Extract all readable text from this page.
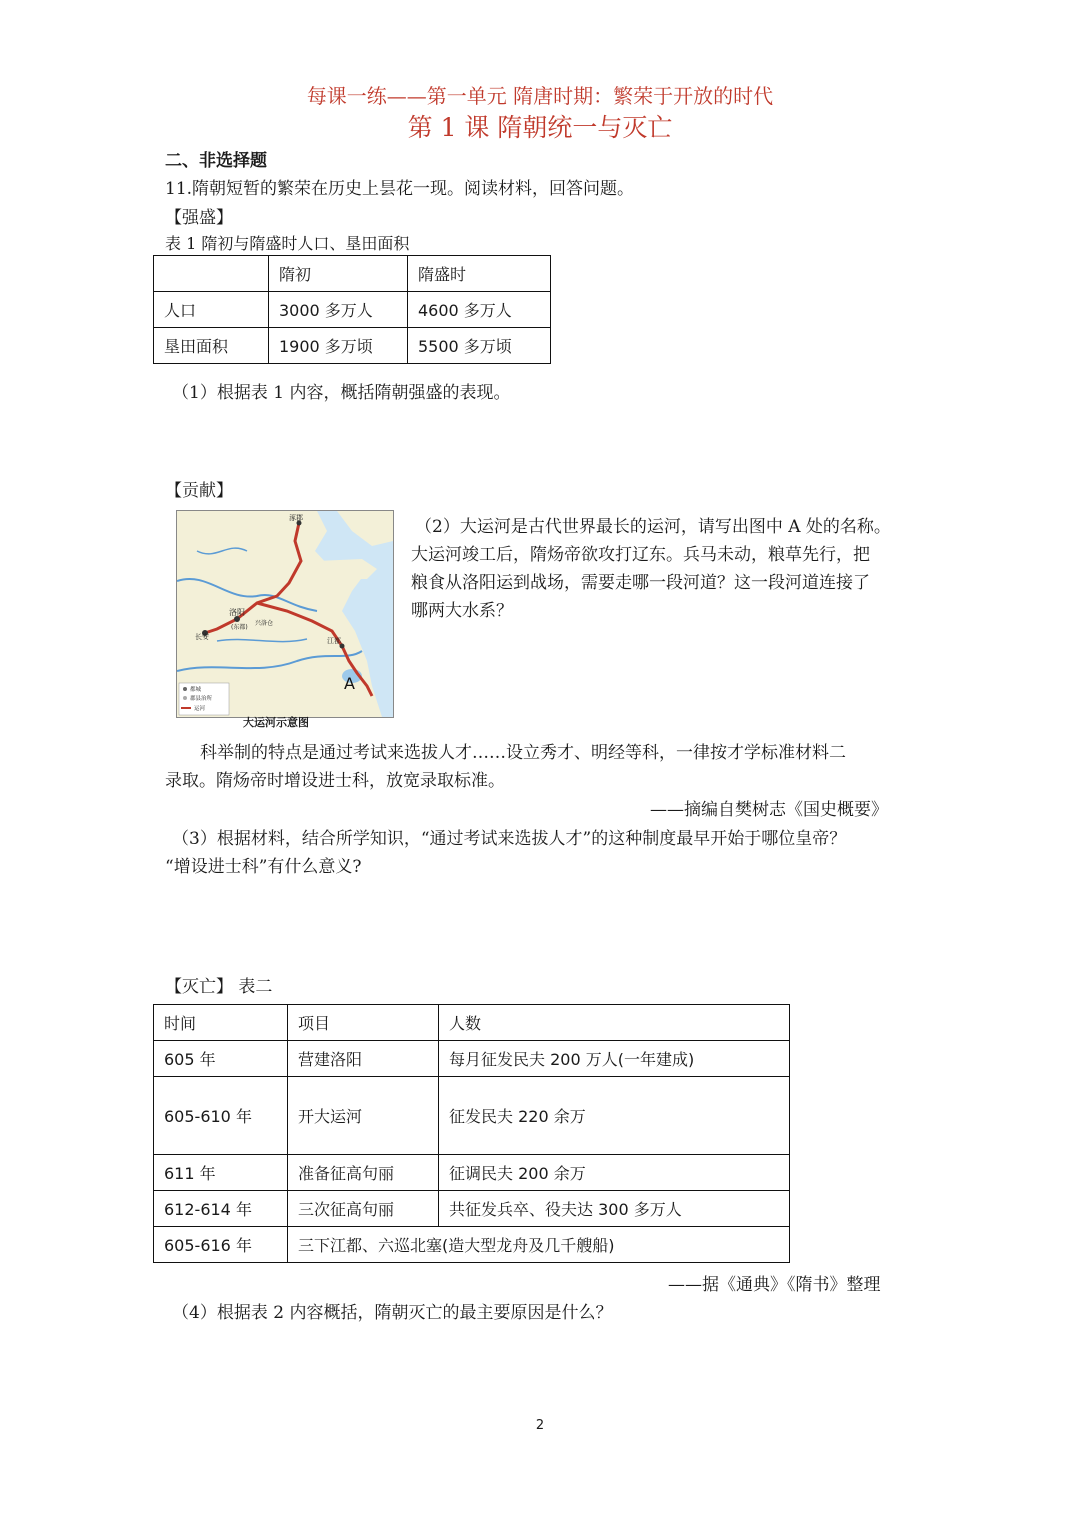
每课一练——第一单元 隋唐时期：繁荣于开放的时代
第 1 课 隋朝统一与灭亡
二、非选择题
11.隋朝短暂的繁荣在历史上昙花一现。阅读材料，回答问题。
【强盛】
表 1 隋初与隋盛时人口、垦田面积
	隋初	隋盛时
人口	3000 多万人	4600 多万人
垦田面积	1900 多万顷	5500 多万顷
（1）根据表 1 内容，概括隋朝强盛的表现。
【贡献】
涿郡
洛阳
(东都)
长安
兴洛仓
江都
A
都城
郡县治所
运河
大运河示意图
（2）大运河是古代世界最长的运河，请写出图中 A 处的名称。
大运河竣工后，隋炀帝欲攻打辽东。兵马未动，粮草先行，把
粮食从洛阳运到战场，需要走哪一段河道？这一段河道连接了
哪两大水系？
科举制的特点是通过考试来选拔人才……设立秀才、明经等科，一律按才学标准材料二
录取。隋炀帝时增设进士科，放宽录取标准。
——摘编自樊树志《国史概要》
（3）根据材料，结合所学知识，“通过考试来选拔人才”的这种制度最早开始于哪位皇帝？
“增设进士科”有什么意义?
【灭亡】 表二
时间	项目	人数
605 年	营建洛阳	每月征发民夫 200 万人(一年建成)
605-610 年	开大运河	征发民夫 220 余万
611 年	准备征高句丽	征调民夫 200 余万
612-614 年	三次征高句丽	共征发兵卒、役夫达 300 多万人
605-616 年	三下江都、六巡北塞(造大型龙舟及几千艘船)	
——据《通典》《隋书》整理
（4）根据表 2 内容概括，隋朝灭亡的最主要原因是什么？
2
